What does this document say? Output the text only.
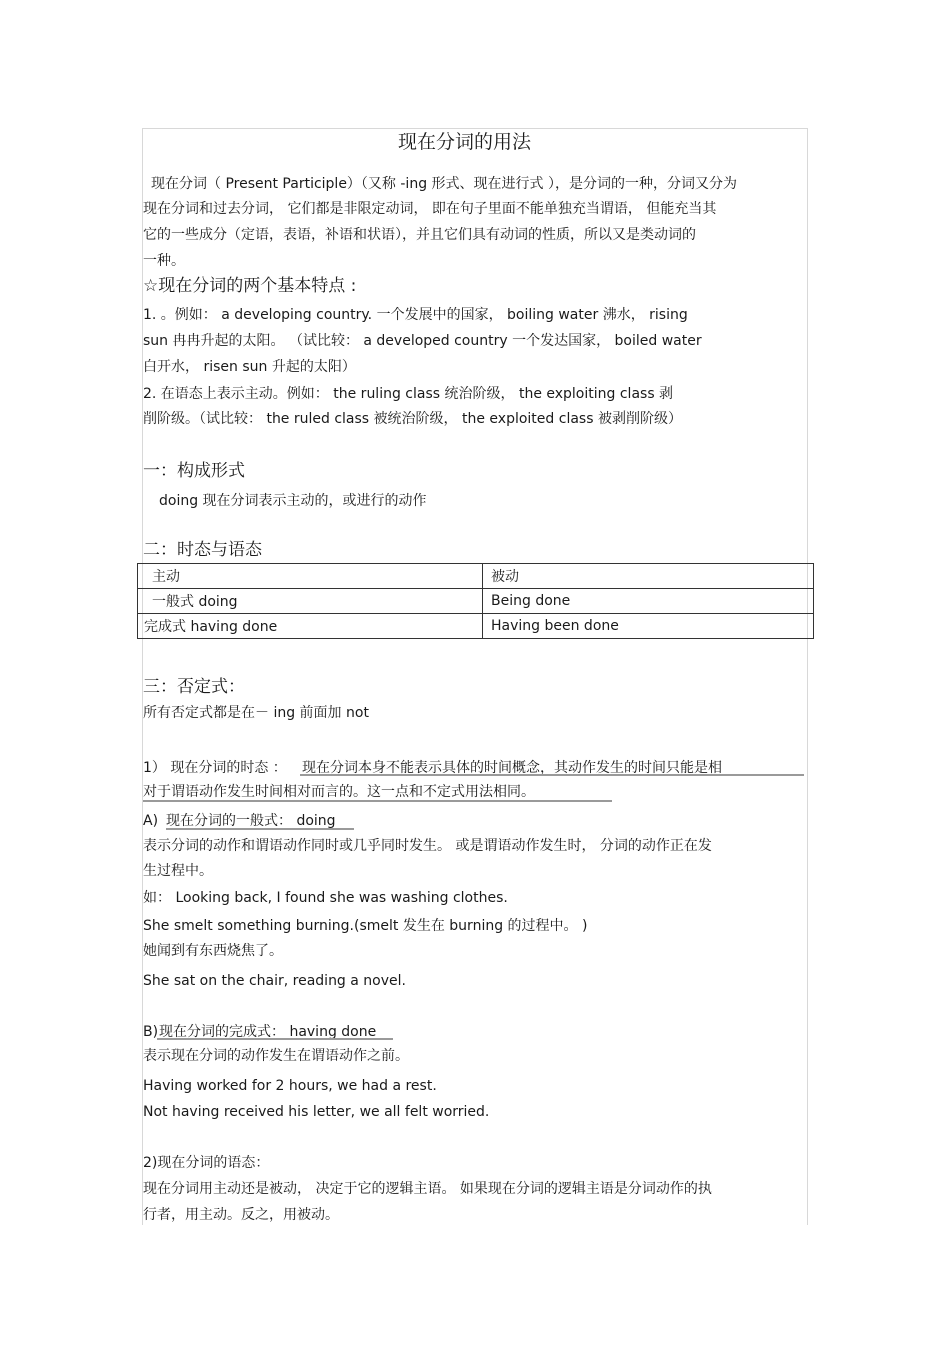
现在分词的用法
现在分词（ Present Participle）（又称 -ing 形式、现在进行式 ），是分词的一种，分词又分为
现在分词和过去分词， 它们都是非限定动词， 即在句子里面不能单独充当谓语， 但能充当其
它的一些成分（定语，表语，补语和状语），并且它们具有动词的性质，所以又是类动词的
一种。
☆现在分词的两个基本特点 :
1. 。例如： a developing country. 一个发展中的国家， boiling water 沸水， rising
sun 冉冉升起的太阳。 （试比较： a developed country 一个发达国家， boiled water
白开水， risen sun 升起的太阳）
2. 在语态上表示主动。例如： the ruling class 统治阶级， the exploiting class 剥
削阶级。（试比较： the ruled class 被统治阶级， the exploited class 被剥削阶级）
一：构成形式
doing 现在分词表示主动的，或进行的动作
二：时态与语态
主动	被动
一般式 doing	Being done
完成式 having done	Having been done
三：否定式：
所有否定式都是在－ ing 前面加 not
1） 现在分词的时态 ： 现在分词本身不能表示具体的时间概念，其动作发生的时间只能是相
对于谓语动作发生时间相对而言的。这一点和不定式用法相同。
A) 现在分词的一般式： doing
表示分词的动作和谓语动作同时或几乎同时发生。 或是谓语动作发生时， 分词的动作正在发
生过程中。
如： Looking back, I found she was washing clothes.
She smelt something burning.(smelt 发生在 burning 的过程中。 )
她闻到有东西烧焦了。
She sat on the chair, reading a novel.
B) 现在分词的完成式： having done
表示现在分词的动作发生在谓语动作之前。
Having worked for 2 hours, we had a rest.
Not having received his letter, we all felt worried.
2)现在分词的语态：
现在分词用主动还是被动， 决定于它的逻辑主语。 如果现在分词的逻辑主语是分词动作的执
行者，用主动。反之，用被动。
